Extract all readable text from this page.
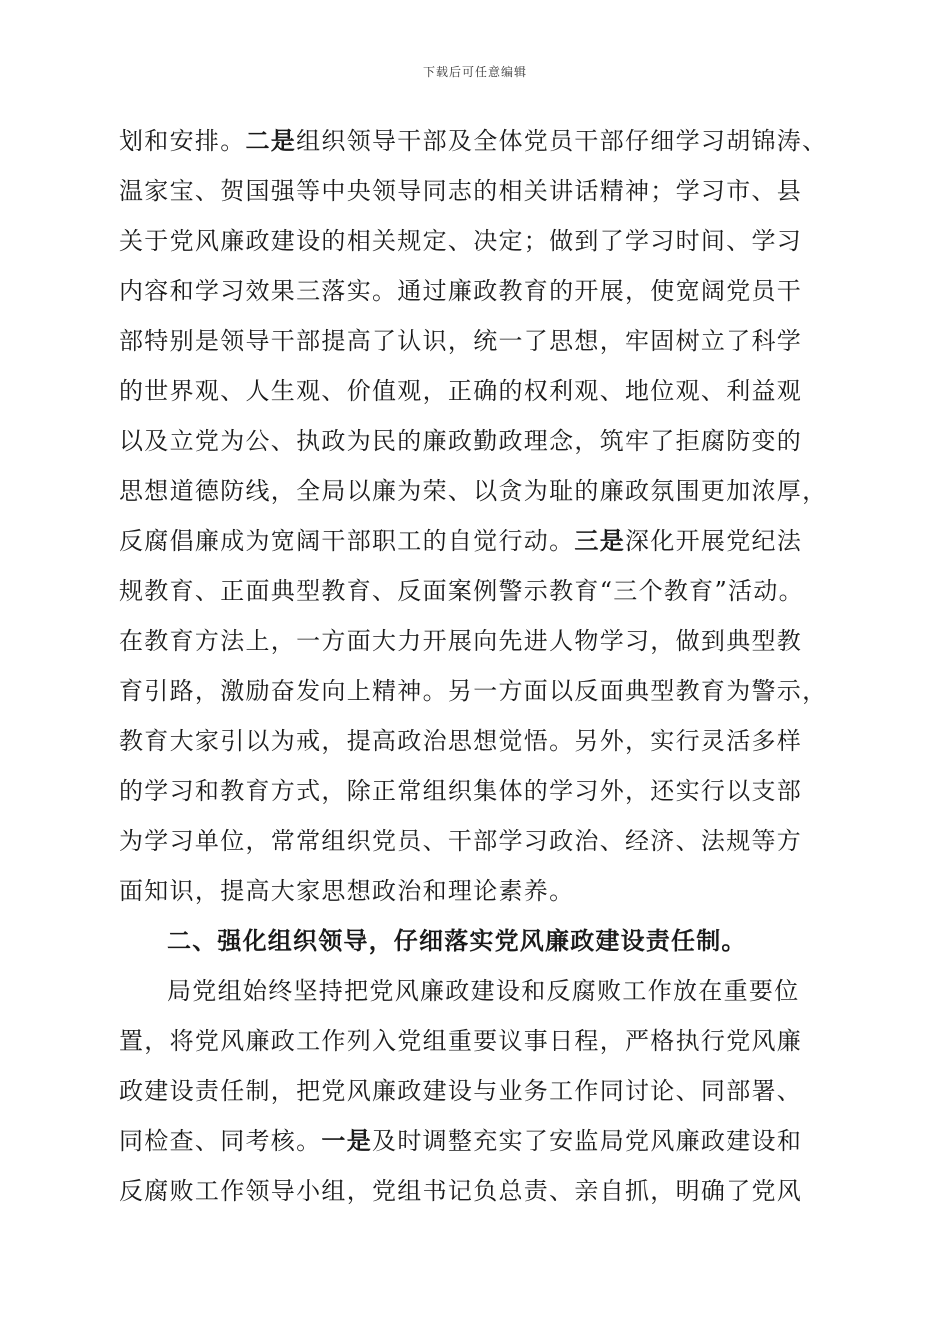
下载后可任意编辑
划和安排。二是组织领导干部及全体党员干部仔细学习胡锦涛、
温家宝、贺国强等中央领导同志的相关讲话精神；学习市、县
关于党风廉政建设的相关规定、决定；做到了学习时间、学习
内容和学习效果三落实。通过廉政教育的开展，使宽阔党员干
部特别是领导干部提高了认识，统一了思想，牢固树立了科学
的世界观、人生观、价值观，正确的权利观、地位观、利益观
以及立党为公、执政为民的廉政勤政理念，筑牢了拒腐防变的
思想道德防线，全局以廉为荣、以贪为耻的廉政氛围更加浓厚，
反腐倡廉成为宽阔干部职工的自觉行动。三是深化开展党纪法
规教育、正面典型教育、反面案例警示教育“三个教育”活动。
在教育方法上，一方面大力开展向先进人物学习，做到典型教
育引路，激励奋发向上精神。另一方面以反面典型教育为警示，
教育大家引以为戒，提高政治思想觉悟。另外，实行灵活多样
的学习和教育方式，除正常组织集体的学习外，还实行以支部
为学习单位，常常组织党员、干部学习政治、经济、法规等方
面知识，提高大家思想政治和理论素养。
二、强化组织领导，仔细落实党风廉政建设责任制。
局党组始终坚持把党风廉政建设和反腐败工作放在重要位
置，将党风廉政工作列入党组重要议事日程，严格执行党风廉
政建设责任制，把党风廉政建设与业务工作同讨论、同部署、
同检查、同考核。一是及时调整充实了安监局党风廉政建设和
反腐败工作领导小组，党组书记负总责、亲自抓，明确了党风
